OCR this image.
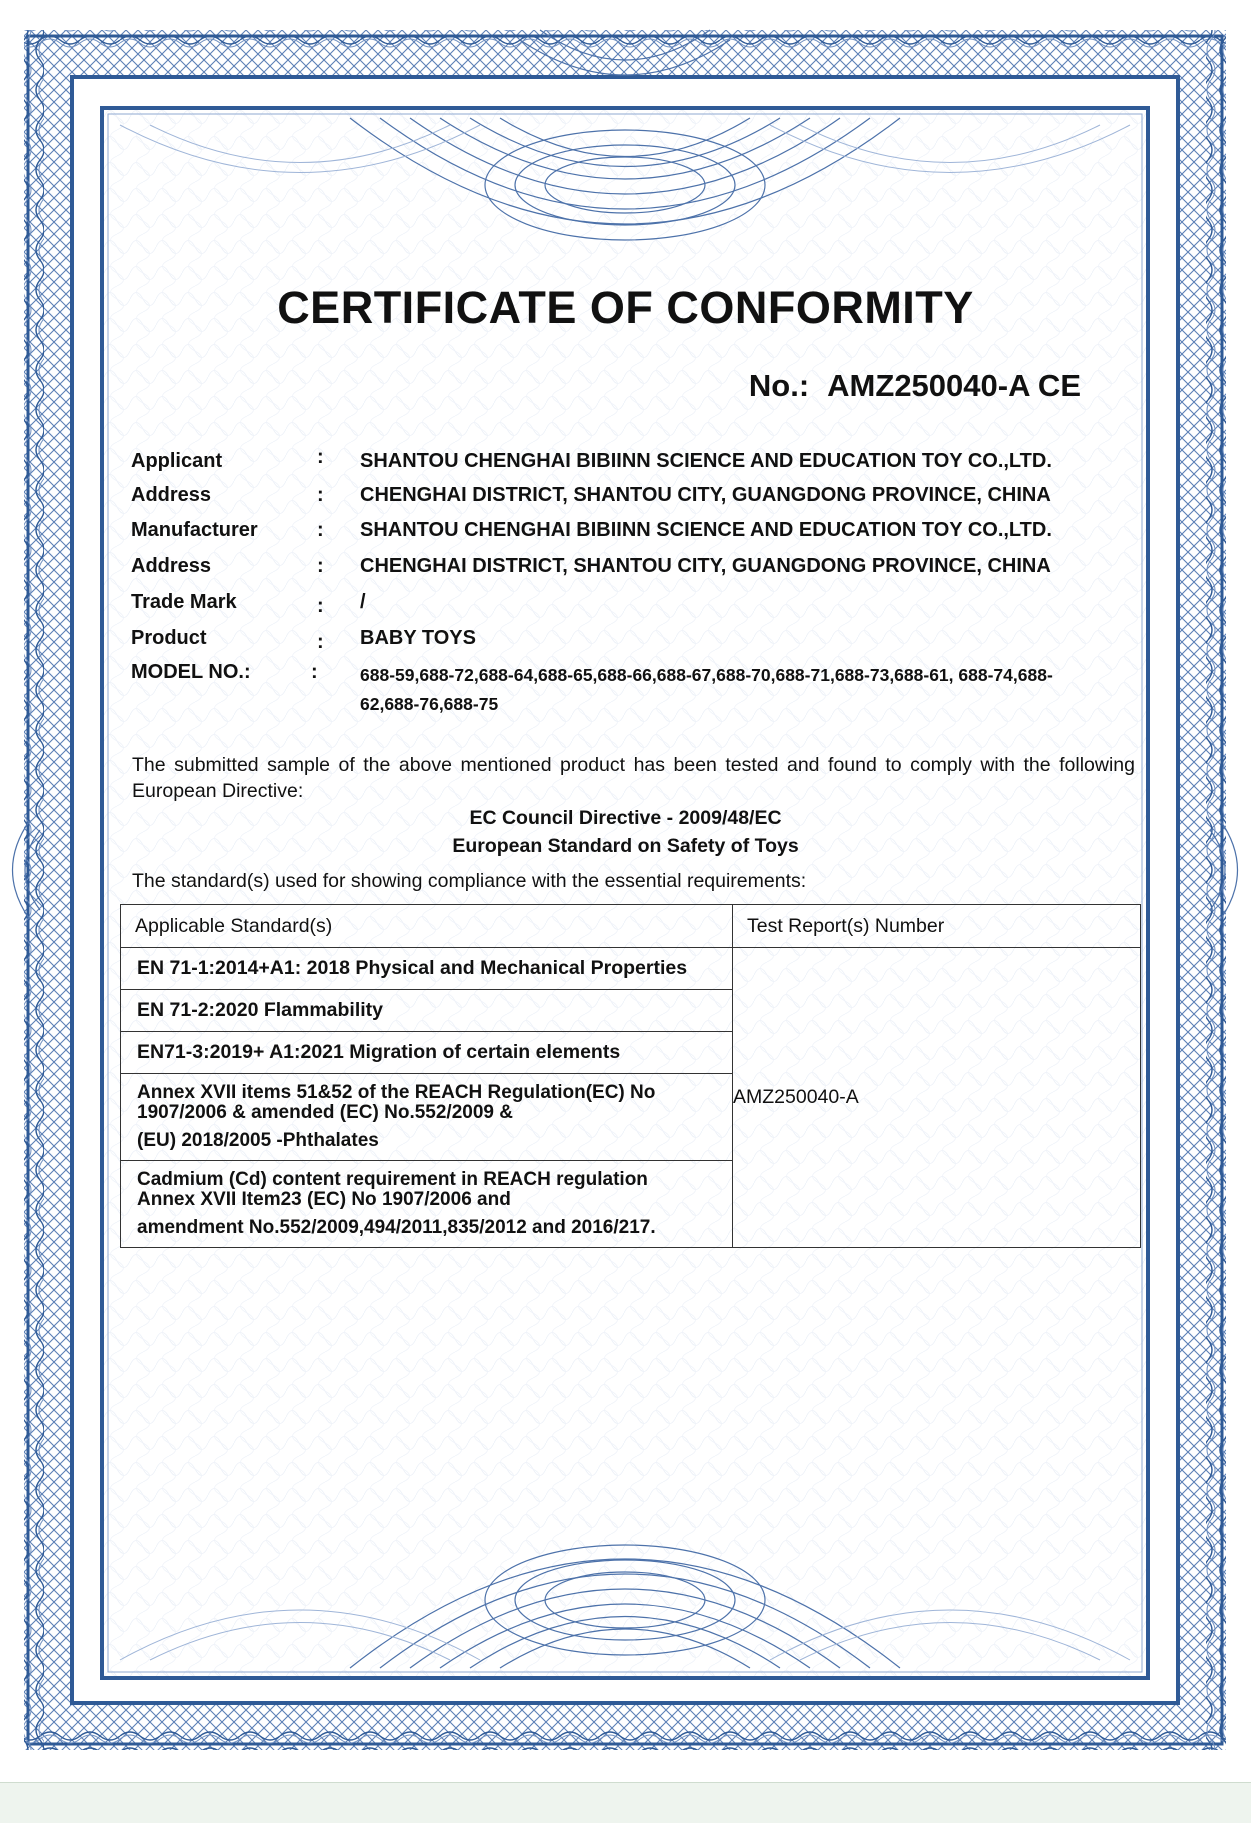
CERTIFICATE OF CONFORMITY
No.: AMZ250040-A CE
Applicant	: SHANTOU CHENGHAI BIBIINN SCIENCE AND EDUCATION TOY CO.,LTD.
Address	: CHENGHAI DISTRICT, SHANTOU CITY, GUANGDONG PROVINCE, CHINA
Manufacturer	: SHANTOU CHENGHAI BIBIINN SCIENCE AND EDUCATION TOY CO.,LTD.
Address	: CHENGHAI DISTRICT, SHANTOU CITY, GUANGDONG PROVINCE, CHINA
Trade Mark	: /
Product	: BABY TOYS
MODEL NO.:	: 688-59,688-72,688-64,688-65,688-66,688-67,688-70,688-71,688-73,688-61, 688-74,688-62,688-76,688-75
The submitted sample of the above mentioned product has been tested and found to comply with the following European Directive:
EC Council Directive - 2009/48/EC
European Standard on Safety of Toys
The standard(s) used for showing compliance with the essential requirements:
Applicable Standard(s)	Test Report(s) Number
EN 71-1:2014+A1: 2018 Physical and Mechanical Properties	AMZ250040-A
EN 71-2:2020 Flammability	
EN71-3:2019+ A1:2021 Migration of certain elements	

Annex XVII items 51&52 of the REACH Regulation(EC) No
1907/2006 & amended (EC) No.552/2009 &
(EU) 2018/2005 -Phthalates	

Cadmium (Cd) content requirement in REACH regulation
Annex XVII Item23 (EC) No 1907/2006 and
amendment No.552/2009,494/2011,835/2012 and 2016/217.	
